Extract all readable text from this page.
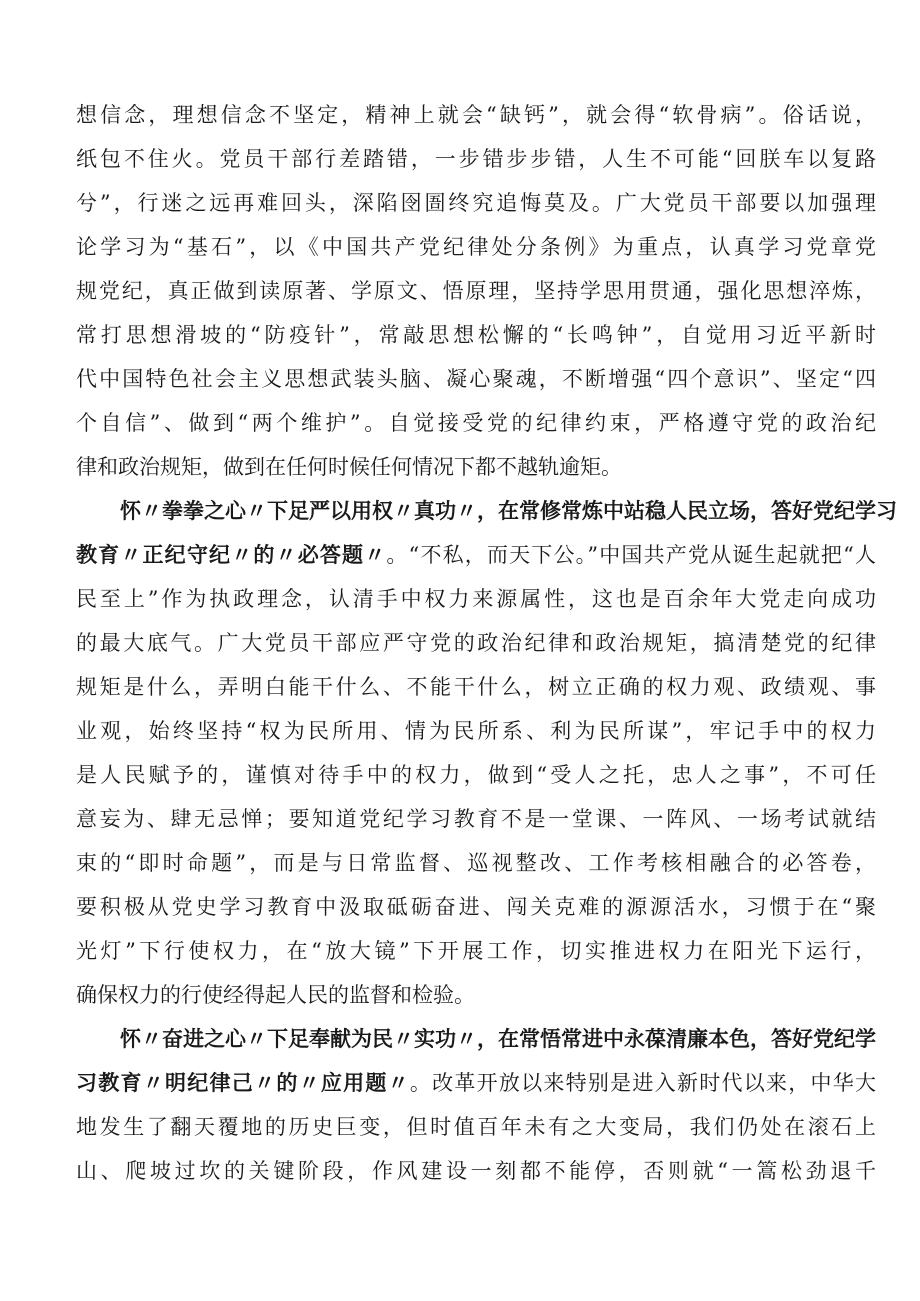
想信念，理想信念不坚定，精神上就会“缺钙”，就会得“软骨病”。俗话说，
纸包不住火。党员干部行差踏错，一步错步步错，人生不可能“回朕车以复路
兮”，行迷之远再难回头，深陷囹圄终究追悔莫及。广大党员干部要以加强理
论学习为“基石”，以《中国共产党纪律处分条例》为重点，认真学习党章党
规党纪，真正做到读原著、学原文、悟原理，坚持学思用贯通，强化思想淬炼，
常打思想滑坡的“防疫针”，常敲思想松懈的“长鸣钟”，自觉用习近平新时
代中国特色社会主义思想武装头脑、凝心聚魂，不断增强“四个意识”、坚定“四
个自信”、做到“两个维护”。自觉接受党的纪律约束，严格遵守党的政治纪
律和政治规矩，做到在任何时候任何情况下都不越轨逾矩。
怀〃拳拳之心〃下足严以用权〃真功〃，在常修常炼中站稳人民立场，答好党纪学习
教育〃正纪守纪〃的〃必答题〃。“不私，而天下公。”中国共产党从诞生起就把“人
民至上”作为执政理念，认清手中权力来源属性，这也是百余年大党走向成功
的最大底气。广大党员干部应严守党的政治纪律和政治规矩，搞清楚党的纪律
规矩是什么，弄明白能干什么、不能干什么，树立正确的权力观、政绩观、事
业观，始终坚持“权为民所用、情为民所系、利为民所谋”，牢记手中的权力
是人民赋予的，谨慎对待手中的权力，做到“受人之托，忠人之事”，不可任
意妄为、肆无忌惮；要知道党纪学习教育不是一堂课、一阵风、一场考试就结
束的“即时命题”，而是与日常监督、巡视整改、工作考核相融合的必答卷，
要积极从党史学习教育中汲取砥砺奋进、闯关克难的源源活水，习惯于在“聚
光灯”下行使权力，在“放大镜”下开展工作，切实推进权力在阳光下运行，
确保权力的行使经得起人民的监督和检验。
怀〃奋进之心〃下足奉献为民〃实功〃，在常悟常进中永葆清廉本色，答好党纪学
习教育〃明纪律己〃的〃应用题〃。改革开放以来特别是进入新时代以来，中华大
地发生了翻天覆地的历史巨变，但时值百年未有之大变局，我们仍处在滚石上
山、爬坡过坎的关键阶段，作风建设一刻都不能停，否则就“一篙松劲退千
